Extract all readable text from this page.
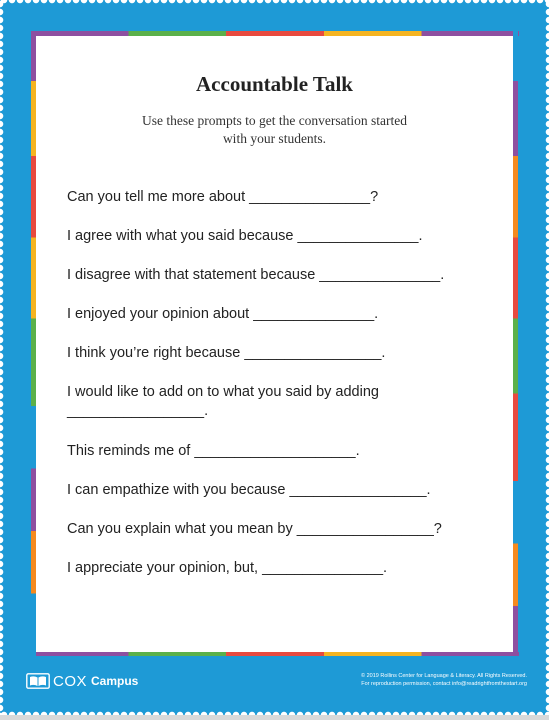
Accountable Talk

Use these prompts to get the conversation started
with your students.

Can you tell me more about _______________?
I agree with what you said because _______________.
I disagree with that statement because _______________.
I enjoyed your opinion about _______________.
I think you’re right because _________________.
I would like to add on to what you said by adding
_________________.
This reminds me of ____________________.
I can empathize with you because _________________.
Can you explain what you mean by _________________?
I appreciate your opinion, but, _______________.
COX Campus	© 2019 Rollins Center for Language & Literacy. All Rights Reserved.
For reproduction permission, contact info@readrightfromthestart.org
